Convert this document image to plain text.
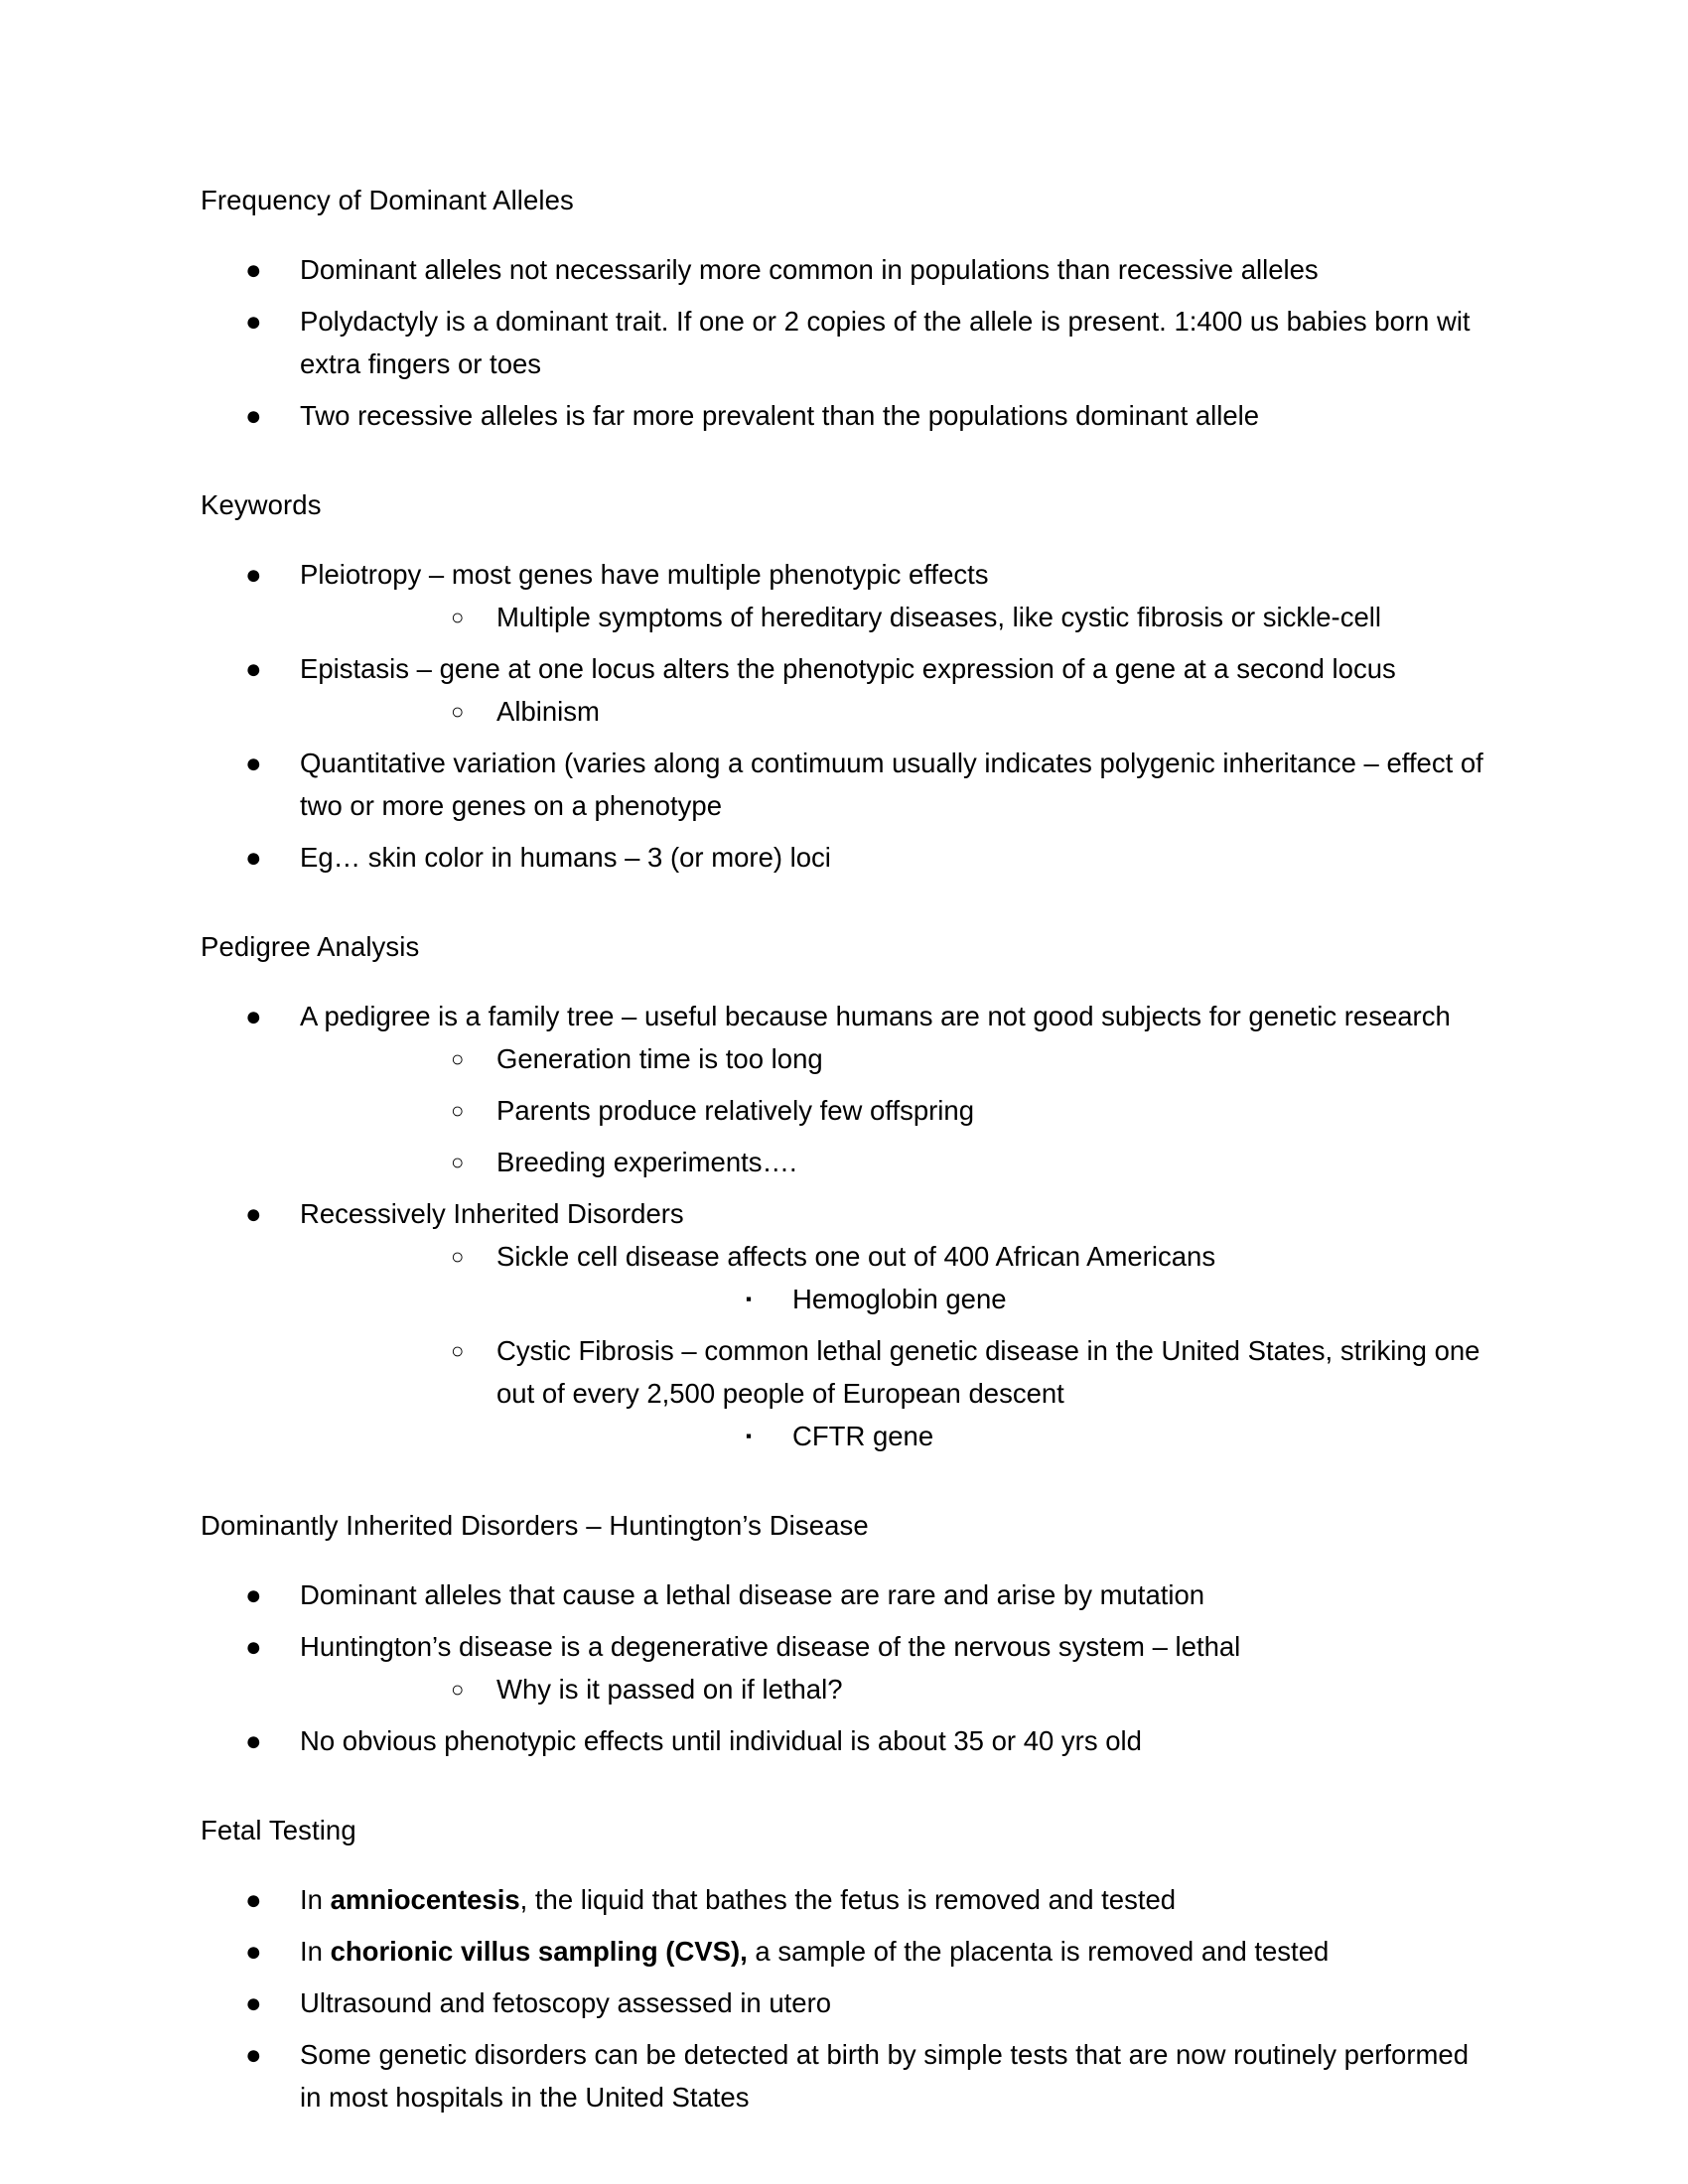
Frequency of Dominant Alleles

● Dominant alleles not necessarily more common in populations than recessive alleles
● Polydactyly is a dominant trait. If one or 2 copies of the allele is present. 1:400 us babies born wit extra fingers or toes
● Two recessive alleles is far more prevalent than the populations dominant allele

Keywords

● Pleiotropy – most genes have multiple phenotypic effects
○	Multiple symptoms of hereditary diseases, like cystic fibrosis or sickle-cell
● Epistasis – gene at one locus alters the phenotypic expression of a gene at a second locus
○	Albinism
● Quantitative variation (varies along a contimuum usually indicates polygenic inheritance – effect of two or more genes on a phenotype
● Eg… skin color in humans – 3 (or more) loci

Pedigree Analysis

● A pedigree is a family tree – useful because humans are not good subjects for genetic research
○	Generation time is too long
○	Parents produce relatively few offspring
○	Breeding experiments….
● Recessively Inherited Disorders
○	Sickle cell disease affects one out of 400 African Americans
▪	Hemoglobin gene
○	Cystic Fibrosis – common lethal genetic disease in the United States, striking one out of every 2,500 people of European descent
▪	CFTR gene

Dominantly Inherited Disorders – Huntington’s Disease

● Dominant alleles that cause a lethal disease are rare and arise by mutation
● Huntington’s disease is a degenerative disease of the nervous system – lethal
○	Why is it passed on if lethal?
● No obvious phenotypic effects until individual is about 35 or 40 yrs old

Fetal Testing

● In amniocentesis, the liquid that bathes the fetus is removed and tested
● In chorionic villus sampling (CVS), a sample of the placenta is removed and tested
● Ultrasound and fetoscopy assessed in utero
● Some genetic disorders can be detected at birth by simple tests that are now routinely performed in most hospitals in the United States
